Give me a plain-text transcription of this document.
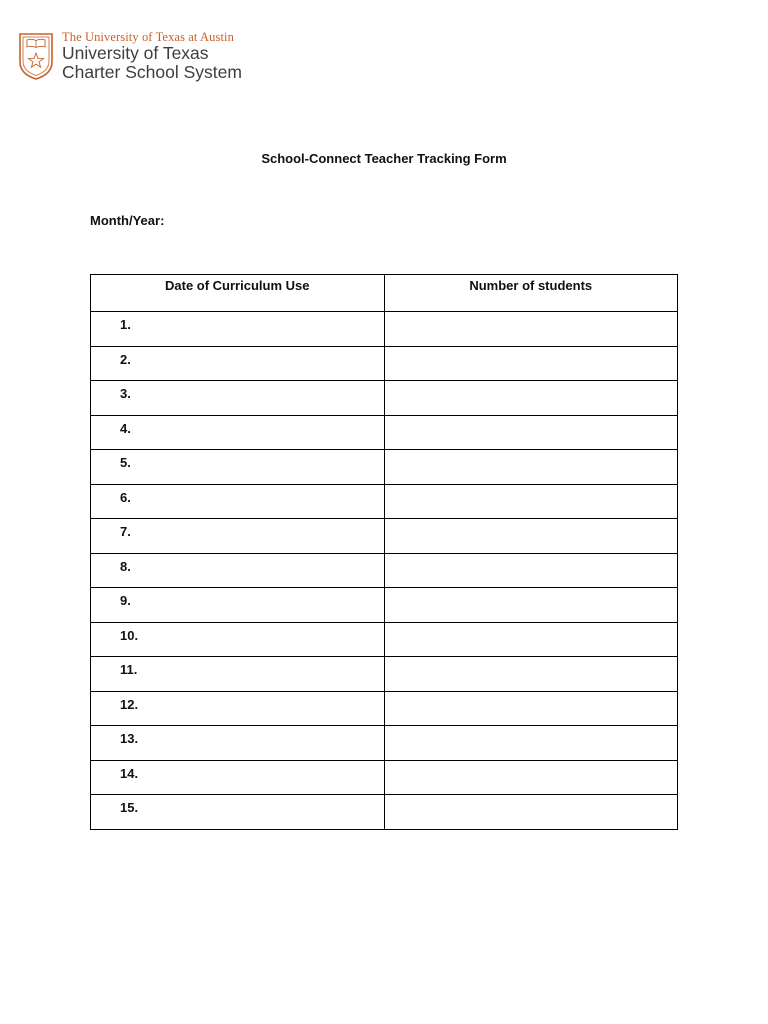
The University of Texas at Austin
University of Texas
Charter School System
School-Connect Teacher Tracking Form
Month/Year:
Date of Curriculum Use	Number of students
1.	
2.	
3.	
4.	
5.	
6.	
7.	
8.	
9.	
10.	
11.	
12.	
13.	
14.	
15.	
